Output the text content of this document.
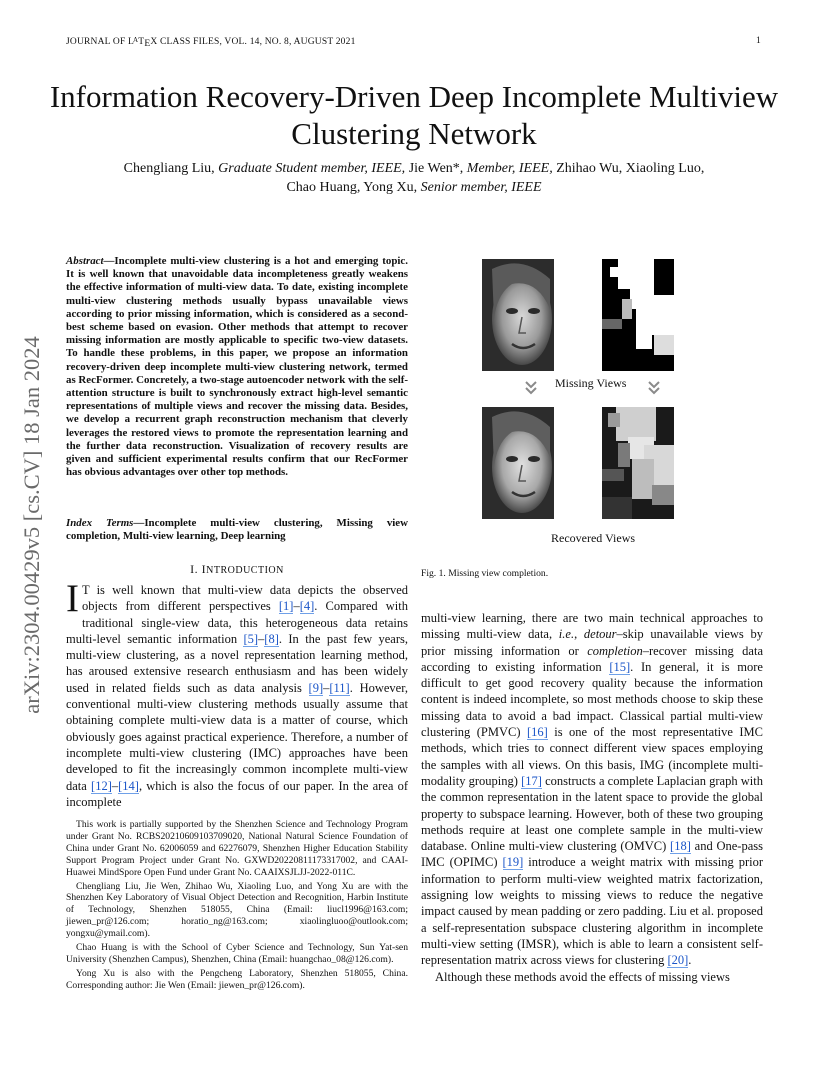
JOURNAL OF $L^ATEX$ CLASS FILES, VOL. 14, NO. 8, AUGUST 2021	1
arXiv:2304.00429v5 [cs.CV] 18 Jan 2024
Information Recovery-Driven Deep Incomplete Multiview Clustering Network
Chengliang Liu, Graduate Student member, IEEE, Jie Wen*, Member, IEEE, Zhihao Wu, Xiaoling Luo,
Chao Huang, Yong Xu, Senior member, IEEE
Abstract—Incomplete multi-view clustering is a hot and emerging topic. It is well known that unavoidable data incompleteness greatly weakens the effective information of multi-view data. To date, existing incomplete multi-view clustering methods usually bypass unavailable views according to prior missing information, which is considered as a second-best scheme based on evasion. Other methods that attempt to recover missing information are mostly applicable to specific two-view datasets. To handle these problems, in this paper, we propose an information recovery-driven deep incomplete multi-view clustering network, termed as RecFormer. Concretely, a two-stage autoencoder network with the self-attention structure is built to synchronously extract high-level semantic representations of multiple views and recover the missing data. Besides, we develop a recurrent graph reconstruction mechanism that cleverly leverages the restored views to promote the representation learning and the further data reconstruction. Visualization of recovery results are given and sufficient experimental results confirm that our RecFormer has obvious advantages over other top methods.
Index Terms—Incomplete multi-view clustering, Missing view completion, Multi-view learning, Deep learning
I. INTRODUCTION
I T is well known that multi-view data depicts the observed objects from different perspectives [1]–[4]. Compared with traditional single-view data, this heterogeneous data retains multi-level semantic information [5]–[8]. In the past few years, multi-view clustering, as a novel representation learning method, has aroused extensive research enthusiasm and has been widely used in related fields such as data analysis [9]–[11]. However, conventional multi-view clustering methods usually assume that obtaining complete multi-view data is a matter of course, which obviously goes against practical experience. Therefore, a number of incomplete multi-view clustering (IMC) approaches have been developed to fit the increasingly common incomplete multi-view data [12]–[14], which is also the focus of our paper. In the area of incomplete

This work is partially supported by the Shenzhen Science and Technology Program under Grant No. RCBS20210609103709020, National Natural Science Foundation of China under Grant No. 62006059 and 62276079, Shenzhen Higher Education Stability Support Program Project under Grant No. GXWD20220811173317002, and CAAI-Huawei MindSpore Open Fund under Grant No. CAAIXSJLJJ-2022-011C.

Chengliang Liu, Jie Wen, Zhihao Wu, Xiaoling Luo, and Yong Xu are with the Shenzhen Key Laboratory of Visual Object Detection and Recognition, Harbin Institute of Technology, Shenzhen 518055, China (Email: liucl1996@163.com; jiewen_pr@126.com; horatio_ng@163.com; xiaolingluoo@outlook.com; yongxu@ymail.com).

Chao Huang is with the School of Cyber Science and Technology, Sun Yat-sen University (Shenzhen Campus), Shenzhen, China (Email: huangchao_08@126.com).

Yong Xu is also with the Pengcheng Laboratory, Shenzhen 518055, China. Corresponding author: Jie Wen (Email: jiewen_pr@126.com).

Missing Views
Recovered Views
Fig. 1. Missing view completion.

multi-view learning, there are two main technical approaches to missing multi-view data, i.e., detour–skip unavailable views by prior missing information or completion–recover missing data according to existing information [15]. In general, it is more difficult to get good recovery quality because the information content is indeed incomplete, so most methods choose to skip these missing data to avoid a bad impact. Classical partial multi-view clustering (PMVC) [16] is one of the most representative IMC methods, which tries to connect different view spaces employing the samples with all views. On this basis, IMG (incomplete multi-modality grouping) [17] constructs a complete Laplacian graph with the common representation in the latent space to provide the global property to subspace learning. However, both of these two grouping methods require at least one complete sample in the multi-view database. Online multi-view clustering (OMVC) [18] and One-pass IMC (OPIMC) [19] introduce a weight matrix with missing prior information to perform multi-view weighted matrix factorization, assigning low weights to missing views to reduce the negative impact caused by mean padding or zero padding. Liu et al. proposed a self-representation subspace clustering algorithm in incomplete multi-view setting (IMSR), which is able to learn a consistent self-representation matrix across views for clustering [20].

Although these methods avoid the effects of missing views
